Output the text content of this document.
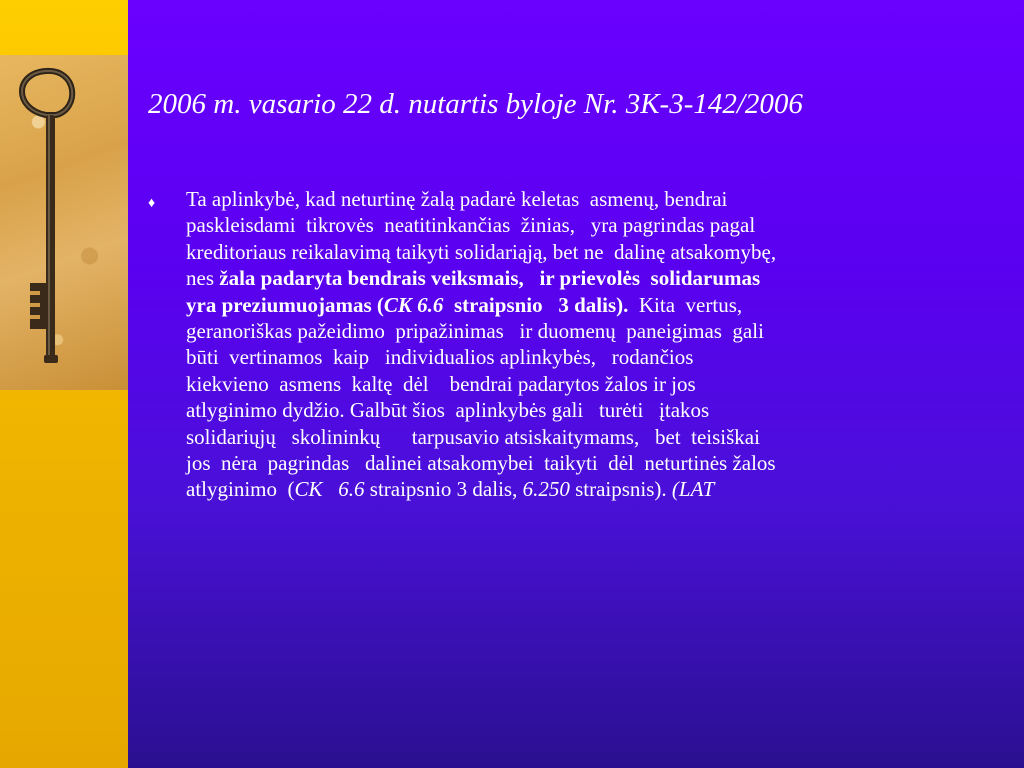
2006 m. vasario 22 d. nutartis byloje Nr. 3K-3-142/2006
♦ Ta aplinkybė, kad neturtinę žalą padarė keletas  asmenų, bendrai
paskleisdami  tikrovės  neatitinkančias  žinias,   yra pagrindas pagal
kreditoriaus reikalavimą taikyti solidariąją, bet ne  dalinę atsakomybę,
nes žala padaryta bendrais veiksmais,   ir prievolės  solidarumas
yra preziumuojamas (CK 6.6  straipsnio   3 dalis).  Kita  vertus,
geranoriškas pažeidimo  pripažinimas   ir duomenų  paneigimas  gali
būti  vertinamos  kaip   individualios aplinkybės,   rodančios
kiekvieno  asmens  kaltę  dėl    bendrai padarytos žalos ir jos
atlyginimo dydžio. Galbūt šios  aplinkybės gali   turėti   įtakos
solidariųjų   skolininkų      tarpusavio atsiskaitymams,   bet  teisiškai
jos  nėra  pagrindas   dalinei atsakomybei  taikyti  dėl  neturtinės žalos
atlyginimo  (CK   6.6 straipsnio 3 dalis, 6.250 straipsnis). (LAT
